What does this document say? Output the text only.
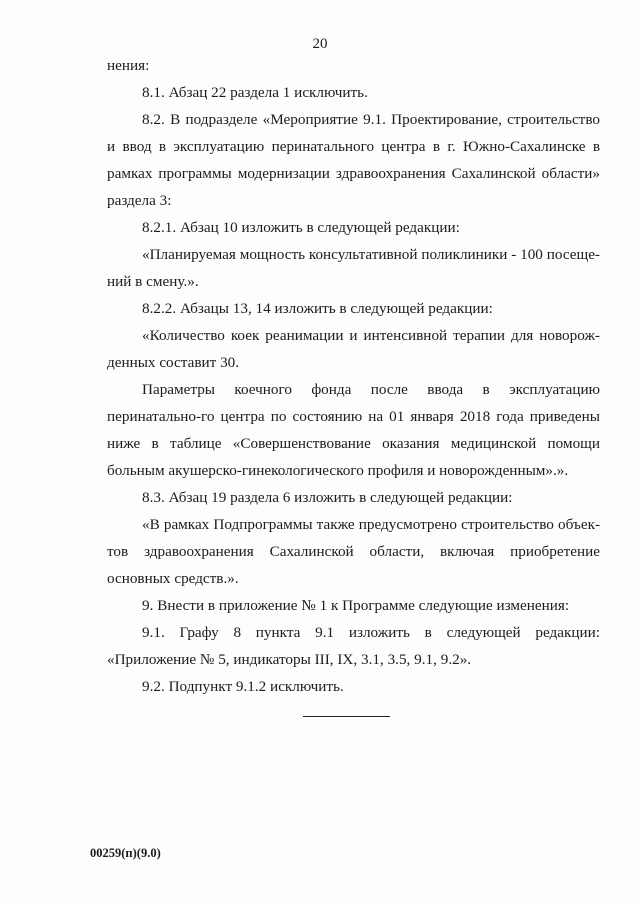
20

нения:

8.1. Абзац 22 раздела 1 исключить.

8.2. В подразделе «Мероприятие 9.1. Проектирование, строительство и ввод в эксплуатацию перинатального центра в г. Южно-Сахалинске в рамках программы модернизации здравоохранения Сахалинской области» раздела 3:

8.2.1. Абзац 10 изложить в следующей редакции:

«Планируемая мощность консультативной поликлиники - 100 посеще-ний в смену.».

8.2.2. Абзацы 13, 14 изложить в следующей редакции:

«Количество коек реанимации и интенсивной терапии для новорож-денных составит 30.

Параметры коечного фонда после ввода в эксплуатацию перинатально-го центра по состоянию на 01 января 2018 года приведены ниже в таблице «Совершенствование оказания медицинской помощи больным акушерско-гинекологического профиля и новорожденным».».

8.3. Абзац 19 раздела 6 изложить в следующей редакции:

«В рамках Подпрограммы также предусмотрено строительство объек-тов здравоохранения Сахалинской области, включая приобретение основных средств.».

9. Внести в приложение № 1 к Программе следующие изменения:

9.1. Графу 8 пункта 9.1 изложить в следующей редакции: «Приложение № 5, индикаторы III, IX, 3.1, 3.5, 9.1, 9.2».

9.2. Подпункт 9.1.2 исключить.

00259(п)(9.0)
